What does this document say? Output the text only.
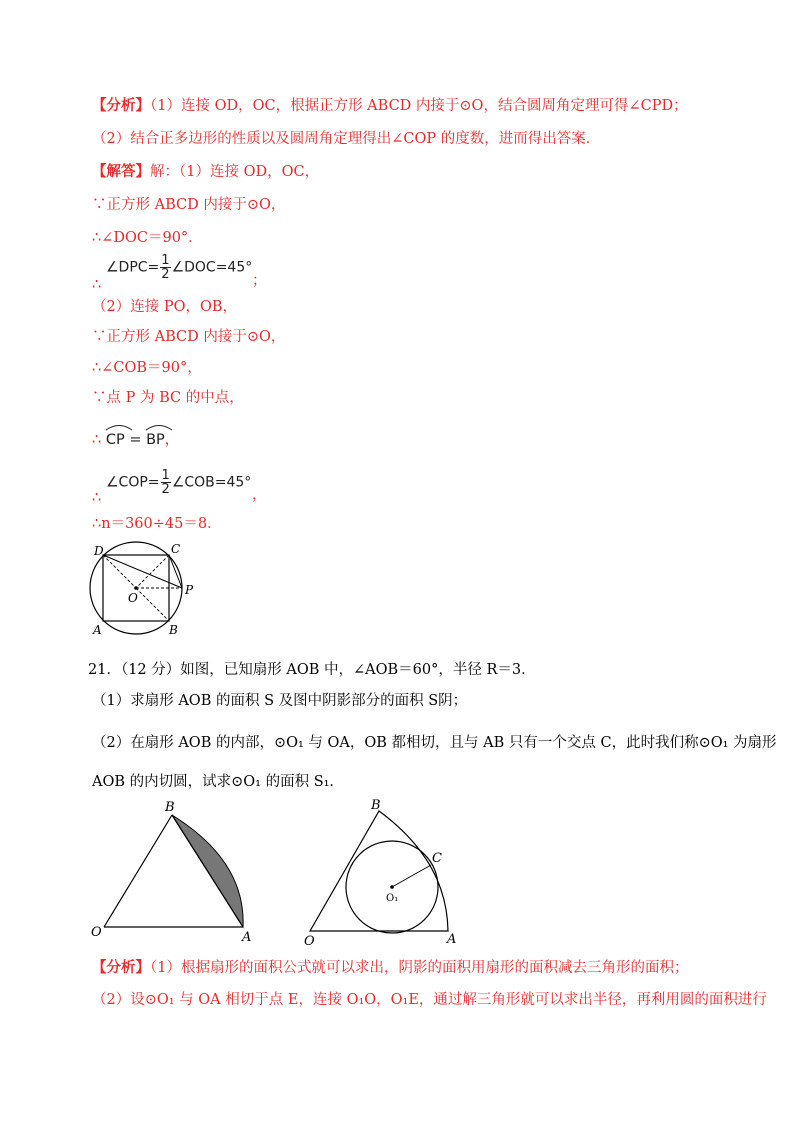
【分析】（1）连接 OD，OC，根据正方形 ABCD 内接于⊙O，结合圆周角定理可得∠CPD；
（2）结合正多边形的性质以及圆周角定理得出∠COP 的度数，进而得出答案．
【解答】解：（1）连接 OD，OC，
∵正方形 ABCD 内接于⊙O，
∴∠DOC＝90°．
∴
∠DPC= $\frac{1}{2}$ ∠DOC=45°
；
（2）连接 PO，OB，
∵正方形 ABCD 内接于⊙O，
∴∠COB＝90°，
∵点 P 为 BC 的中点，
∴ CP = BP，
∴
∠COP= $\frac{1}{2}$ ∠COB=45°
，
∴n＝360÷45＝8．
D	C
O
P
A	B
21．（12 分）如图，已知扇形 AOB 中，∠AOB＝60°，半径 R＝3．
（1）求扇形 AOB 的面积 S 及图中阴影部分的面积 S阴；
（2）在扇形 AOB 的内部，⊙O₁ 与 OA，OB 都相切，且与 AB 只有一个交点 C，此时我们称⊙O₁ 为扇形
AOB 的内切圆，试求⊙O₁ 的面积 S₁．
B
O	A
B
C
O₁
O	A
【分析】（1）根据扇形的面积公式就可以求出，阴影的面积用扇形的面积减去三角形的面积；
（2）设⊙O₁ 与 OA 相切于点 E，连接 O₁O，O₁E，通过解三角形就可以求出半径，再利用圆的面积进行
